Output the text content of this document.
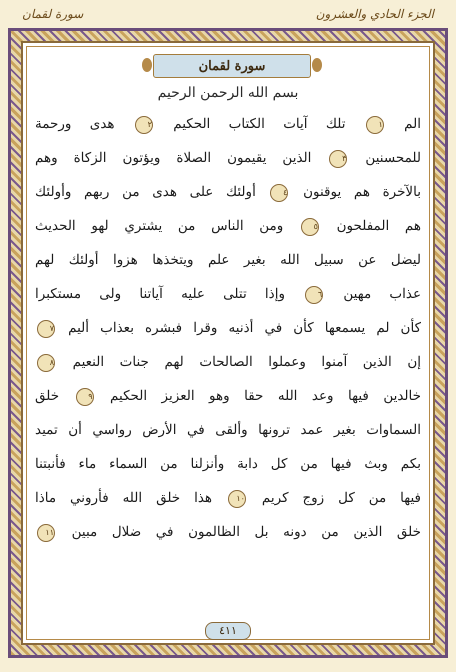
الجزء الحادي والعشرون
سورة لقمان
سورة لقمان
بسم الله الرحمن الرحيم
الم ١ تلك آيات الكتاب الحكيم ٢ هدى ورحمة
للمحسنين ٣ الذين يقيمون الصلاة ويؤتون الزكاة وهم
بالآخرة هم يوقنون ٤ أولئك على هدى من ربهم وأولئك
هم المفلحون ٥ ومن الناس من يشتري لهو الحديث
ليضل عن سبيل الله بغير علم ويتخذها هزوا أولئك لهم
عذاب مهين ٦ وإذا تتلى عليه آياتنا ولى مستكبرا
كأن لم يسمعها كأن في أذنيه وقرا فبشره بعذاب أليم ٧
إن الذين آمنوا وعملوا الصالحات لهم جنات النعيم ٨
خالدين فيها وعد الله حقا وهو العزيز الحكيم ٩ خلق
السماوات بغير عمد ترونها وألقى في الأرض رواسي أن تميد
بكم وبث فيها من كل دابة وأنزلنا من السماء ماء فأنبتنا
فيها من كل زوج كريم ١٠ هذا خلق الله فأروني ماذا
خلق الذين من دونه بل الظالمون في ضلال مبين ١١
٤١١
